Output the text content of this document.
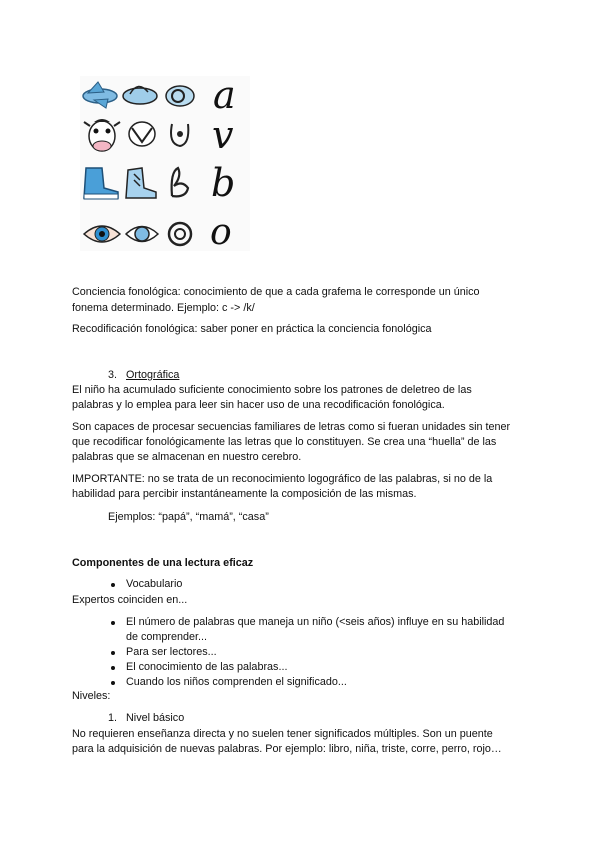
a
v
b
o
Conciencia fonológica: conocimiento de que a cada grafema le corresponde un único
fonema determinado. Ejemplo: c -> /k/
Recodificación fonológica: saber poner en práctica la conciencia fonológica
3. Ortográfica
El niño ha acumulado suficiente conocimiento sobre los patrones de deletreo de las
palabras y lo emplea para leer sin hacer uso de una recodificación fonológica.
Son capaces de procesar secuencias familiares de letras como si fueran unidades sin tener
que recodificar fonológicamente las letras que lo constituyen. Se crea una “huella” de las
palabras que se almacenan en nuestro cerebro.
IMPORTANTE: no se trata de un reconocimiento logográfico de las palabras, si no de la
habilidad para percibir instantáneamente la composición de las mismas.
Ejemplos: “papá”, “mamá”, “casa”
Componentes de una lectura eficaz
Vocabulario
Expertos coinciden en...
El número de palabras que maneja un niño (<seis años) influye en su habilidad
de comprender...
Para ser lectores...
El conocimiento de las palabras...
Cuando los niños comprenden el significado...
Niveles:
1. Nivel básico
No requieren enseñanza directa y no suelen tener significados múltiples. Son un puente
para la adquisición de nuevas palabras. Por ejemplo: libro, niña, triste, corre, perro, rojo…
